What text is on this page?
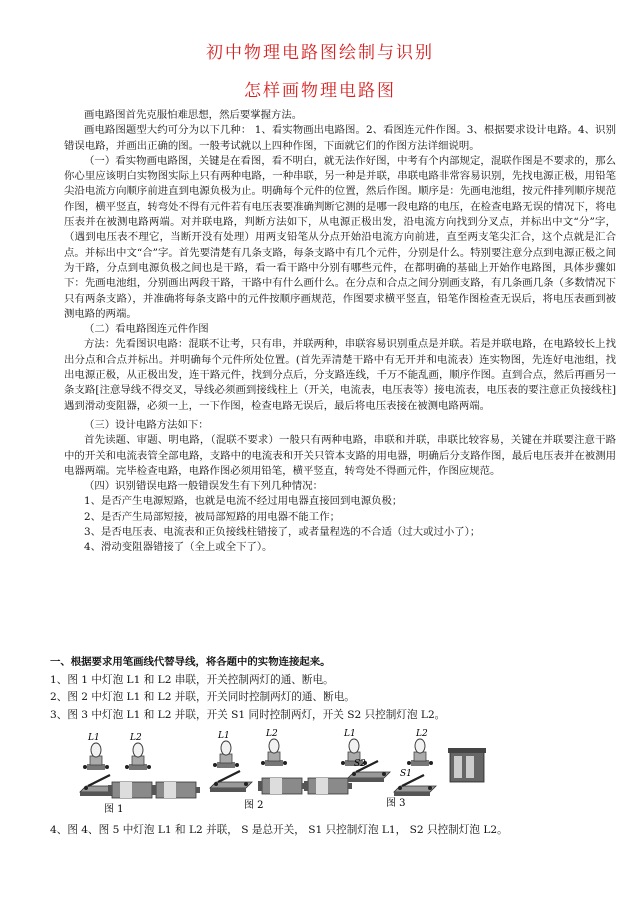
初中物理电路图绘制与识别
怎样画物理电路图

画电路图首先克服怕难思想，然后要掌握方法。

画电路图题型大约可分为以下几种： 1、看实物画出电路图。2、看图连元件作图。3、根据要求设计电路。4、识别错误电路，并画出正确的图。一般考试就以上四种作图，下面就它们的作图方法详细说明。

（一）看实物画电路图，关键是在看图，看不明白，就无法作好图，中考有个内部规定，混联作图是不要求的，那么你心里应该明白实物图实际上只有两种电路，一种串联，另一种是并联，串联电路非常容易识别，先找电源正极，用铅笔尖沿电流方向顺序前进直到电源负极为止。明确每个元件的位置，然后作图。顺序是：先画电池组，按元件排列顺序规范作图，横平竖直，转弯处不得有元件若有电压表要准确判断它测的是哪一段电路的电压，在检查电路无误的情况下，将电压表并在被测电路两端。对并联电路，判断方法如下，从电源正极出发，沿电流方向找到分叉点，并标出中文“分”字，（遇到电压表不理它，当断开没有处理）用两支铅笔从分点开始沿电流方向前进，直至两支笔尖汇合，这个点就是汇合点。并标出中文“合”字。首先要清楚有几条支路，每条支路中有几个元件，分别是什么。特别要注意分点到电源正极之间为干路，分点到电源负极之间也是干路，看一看干路中分别有哪些元件，在都明确的基础上开始作电路图，具体步骤如下：先画电池组，分别画出两段干路，干路中有什么画什么。在分点和合点之间分别画支路，有几条画几条（多数情况下只有两条支路），并准确将每条支路中的元件按顺序画规范，作图要求横平竖直，铅笔作图检查无误后，将电压表画到被测电路的两端。

（二）看电路图连元件作图

方法：先看图识电路：混联不让考，只有串，并联两种，串联容易识别重点是并联。若是并联电路，在电路较长上找出分点和合点并标出。并明确每个元件所处位置。(首先弄清楚干路中有无开并和电流表）连实物图，先连好电池组，找出电源正极，从正极出发，连干路元件，找到分点后，分支路连线，千万不能乱画，顺序作图。直到合点，然后再画另一条支路[注意导线不得交叉，导线必须画到接线柱上（开关，电流表，电压表等）接电流表，电压表的要注意正负接线柱]遇到滑动变阻器，必须一上，一下作图，检查电路无误后，最后将电压表接在被测电路两端。

（三）设计电路方法如下：

首先读题、审题、明电路，（混联不要求）一般只有两种电路，串联和并联，串联比较容易，关键在并联要注意干路中的开关和电流表管全部电路，支路中的电流表和开关只管本支路的用电器，明确后分支路作图，最后电压表并在被测用电器两端。完毕检查电路，电路作图必须用铅笔，横平竖直，转弯处不得画元件，作图应规范。

（四）识别错误电路一般错误发生有下列几种情况：

1、是否产生电源短路，也就是电流不经过用电器直接回到电源负极；

2、是否产生局部短接，被局部短路的用电器不能工作；

3、是否电压表、电流表和正负接线柱错接了，或者量程选的不合适（过大或过小了）；

4、滑动变阻器错接了（全上或全下了）。

一、根据要求用笔画线代替导线，将各题中的实物连接起来。

1、图 1 中灯泡 L1 和 L2 串联，开关控制两灯的通、断电。

2、图 2 中灯泡 L1 和 L2 并联，开关同时控制两灯的通、断电。

3、图 3 中灯泡 L1 和 L2 并联，开关 S1 同时控制两灯，开关 S2 只控制灯泡 L2。

L1	L2
图 1
L1	L2
图 2
L1	L2
S2
S1
图 3
4、图 4、图 5 中灯泡 L1 和 L2 并联， S 是总开关， S1 只控制灯泡 L1， S2 只控制灯泡 L2。
